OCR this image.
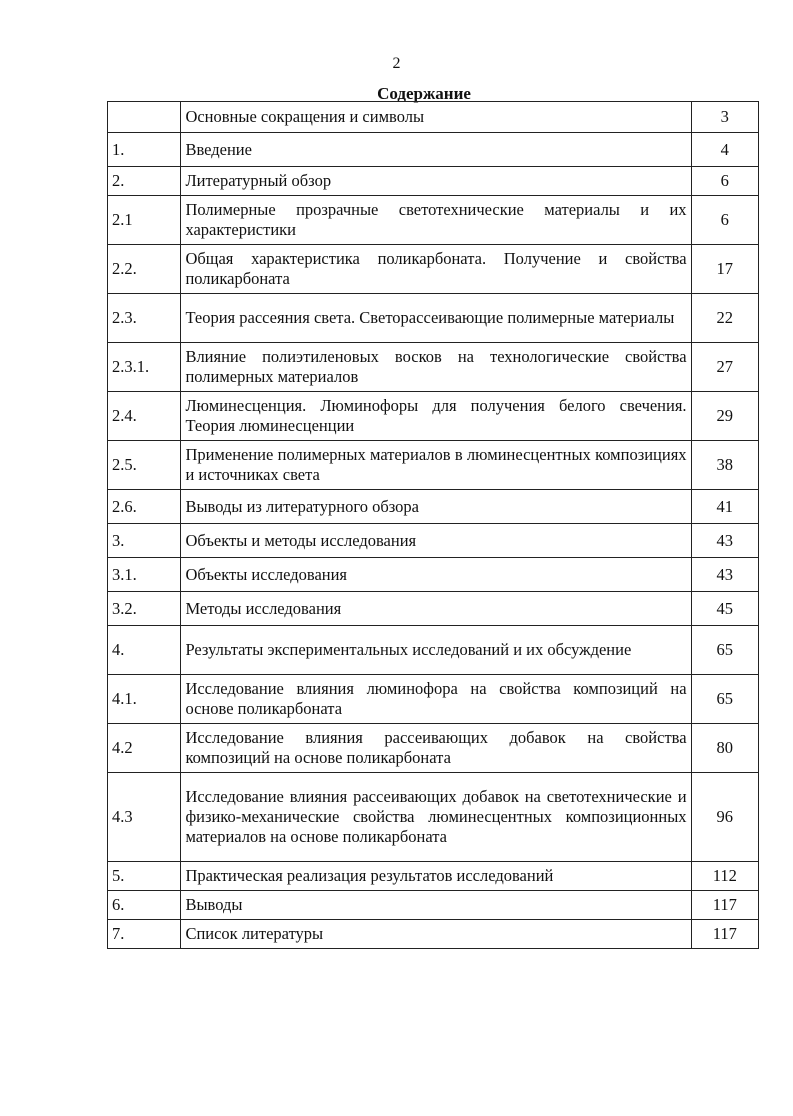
2
Содержание
	Основные сокращения и символы	3
1.	Введение	4
2.	Литературный обзор	6
2.1	Полимерные прозрачные светотехнические материалы и их характеристики	6
2.2.	Общая характеристика поликарбоната. Получение и свойства поликарбоната	17
2.3.	Теория рассеяния света. Светорассеивающие полимерные материалы	22
2.3.1.	Влияние полиэтиленовых восков на технологические свойства полимерных материалов	27
2.4.	Люминесценция. Люминофоры для получения белого свечения. Теория люминесценции	29
2.5.	Применение полимерных материалов в люминесцентных композициях и источниках света	38
2.6.	Выводы из литературного обзора	41
3.	Объекты и методы исследования	43
3.1.	Объекты исследования	43
3.2.	Методы исследования	45
4.	Результаты экспериментальных исследований и их обсуждение	65
4.1.	Исследование влияния люминофора на свойства композиций на основе поликарбоната	65
4.2	Исследование влияния рассеивающих добавок на свойства композиций на основе поликарбоната	80
4.3	Исследование влияния рассеивающих добавок на светотехнические и физико-механические свойства люминесцентных композиционных материалов на основе поликарбоната	96
5.	Практическая реализация результатов исследований	112
6.	Выводы	117
7.	Список литературы	117
